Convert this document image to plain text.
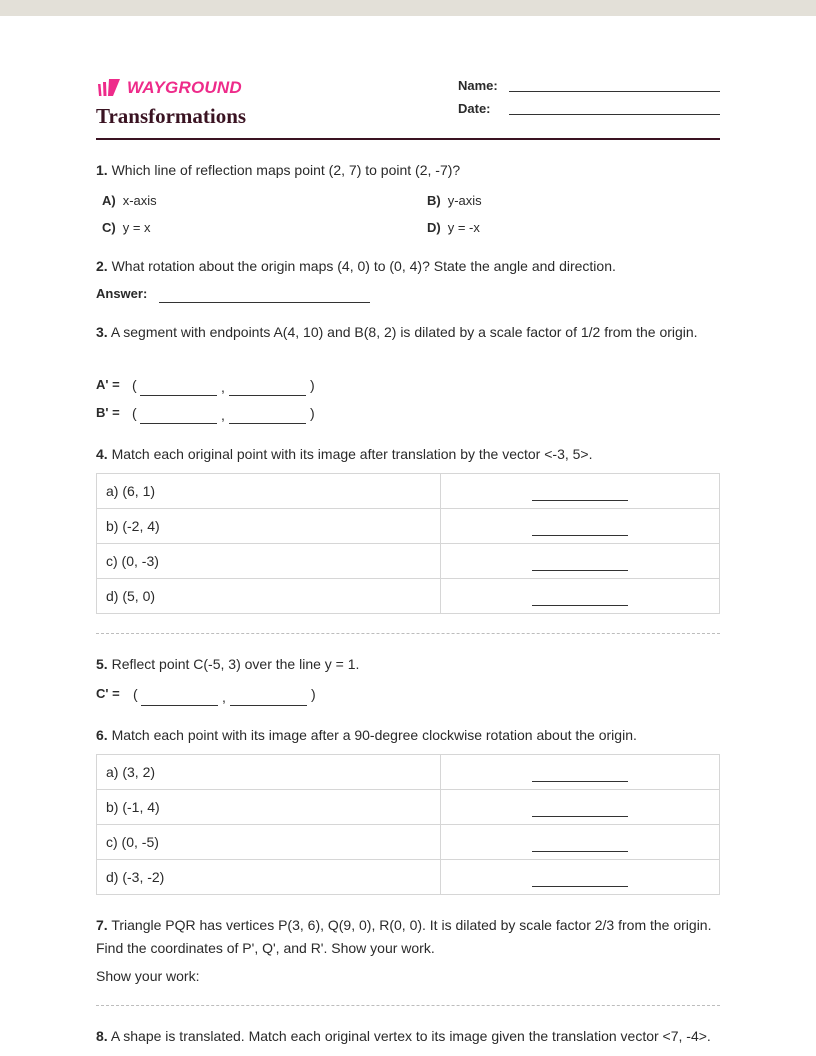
WAYGROUND
Transformations
Name:
Date:
1. Which line of reflection maps point (2, 7) to point (2, -7)?
A) x-axis	B) y-axis
C) y = x	D) y = -x
2. What rotation about the origin maps (4, 0) to (0, 4)? State the angle and direction.
Answer:
3. A segment with endpoints A(4, 10) and B(8, 2) is dilated by a scale factor of 1/2 from the origin.
A' = (	,	)
B' = (	,	)
4. Match each original point with its image after translation by the vector <-3, 5>.
a) (6, 1)	

b) (-2, 4)	

c) (0, -3)	

d) (5, 0)	
5. Reflect point C(-5, 3) over the line y = 1.
C' = (	,	)
6. Match each point with its image after a 90-degree clockwise rotation about the origin.
a) (3, 2)	

b) (-1, 4)	

c) (0, -5)	

d) (-3, -2)	
7. Triangle PQR has vertices P(3, 6), Q(9, 0), R(0, 0). It is dilated by scale factor 2/3 from the origin. Find the coordinates of P', Q', and R'. Show your work.
Show your work:
8. A shape is translated. Match each original vertex to its image given the translation vector <7, -4>.
